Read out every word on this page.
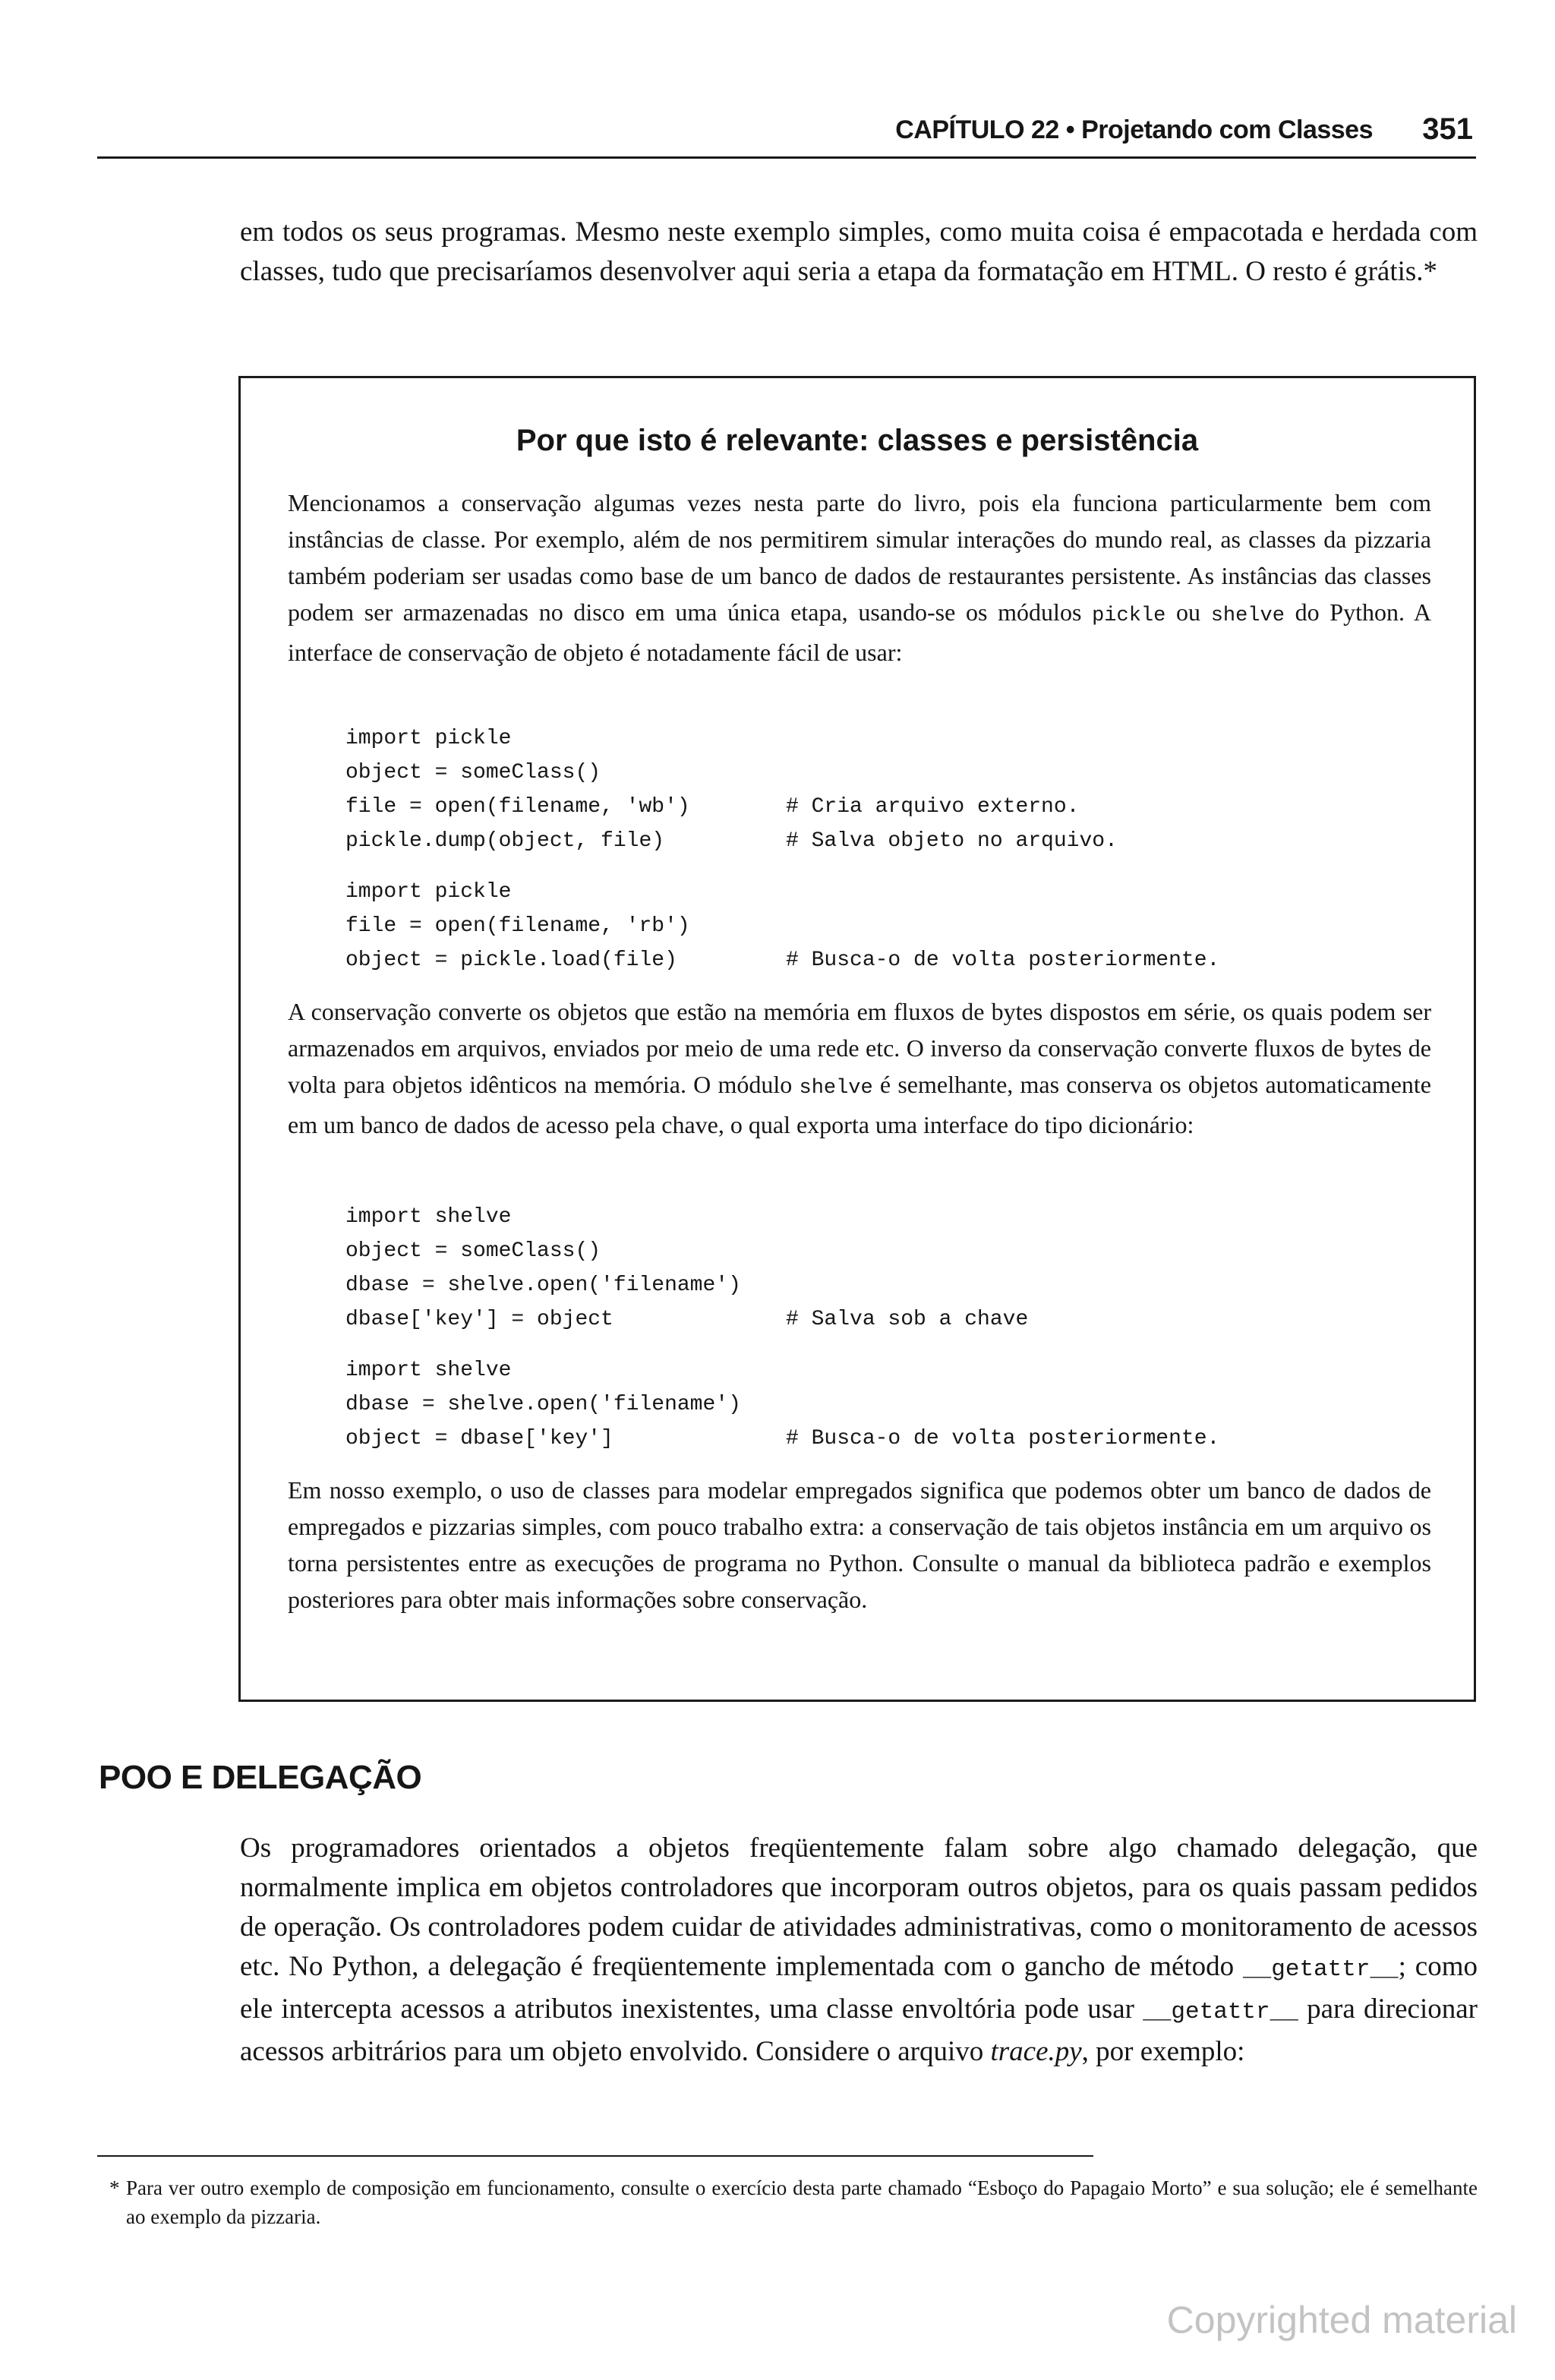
CAPÍTULO 22 • Projetando com Classes 351

em todos os seus programas. Mesmo neste exemplo simples, como muita coisa é empacotada e herdada com classes, tudo que precisaríamos desenvolver aqui seria a etapa da formatação em HTML. O resto é grátis.*

Por que isto é relevante: classes e persistência

Mencionamos a conservação algumas vezes nesta parte do livro, pois ela funciona particularmente bem com instâncias de classe. Por exemplo, além de nos permitirem simular interações do mundo real, as classes da pizzaria também poderiam ser usadas como base de um banco de dados de restaurantes persistente. As instâncias das classes podem ser armazenadas no disco em uma única etapa, usando-se os módulos pickle ou shelve do Python. A interface de conservação de objeto é notadamente fácil de usar:

import pickle
object = someClass()
file = open(filename, 'wb')	# Cria arquivo externo.
pickle.dump(object, file)	# Salva objeto no arquivo.
import pickle
file = open(filename, 'rb')
object = pickle.load(file)	# Busca-o de volta posteriormente.

A conservação converte os objetos que estão na memória em fluxos de bytes dispostos em série, os quais podem ser armazenados em arquivos, enviados por meio de uma rede etc. O inverso da conservação converte fluxos de bytes de volta para objetos idênticos na memória. O módulo shelve é semelhante, mas conserva os objetos automaticamente em um banco de dados de acesso pela chave, o qual exporta uma interface do tipo dicionário:

import shelve
object = someClass()
dbase = shelve.open('filename')
dbase['key'] = object	# Salva sob a chave
import shelve
dbase = shelve.open('filename')
object = dbase['key']	# Busca-o de volta posteriormente.

Em nosso exemplo, o uso de classes para modelar empregados significa que podemos obter um banco de dados de empregados e pizzarias simples, com pouco trabalho extra: a conservação de tais objetos instância em um arquivo os torna persistentes entre as execuções de programa no Python. Consulte o manual da biblioteca padrão e exemplos posteriores para obter mais informações sobre conservação.

POO E DELEGAÇÃO

Os programadores orientados a objetos freqüentemente falam sobre algo chamado delegação, que normalmente implica em objetos controladores que incorporam outros objetos, para os quais passam pedidos de operação. Os controladores podem cuidar de atividades administrativas, como o monitoramento de acessos etc. No Python, a delegação é freqüentemente implementada com o gancho de método __getattr__; como ele intercepta acessos a atributos inexistentes, uma classe envoltória pode usar __getattr__ para direcionar acessos arbitrários para um objeto envolvido. Considere o arquivo trace.py, por exemplo:

* Para ver outro exemplo de composição em funcionamento, consulte o exercício desta parte chamado “Esboço do Papagaio Morto” e sua solução; ele é semelhante ao exemplo da pizzaria.

Copyrighted material
